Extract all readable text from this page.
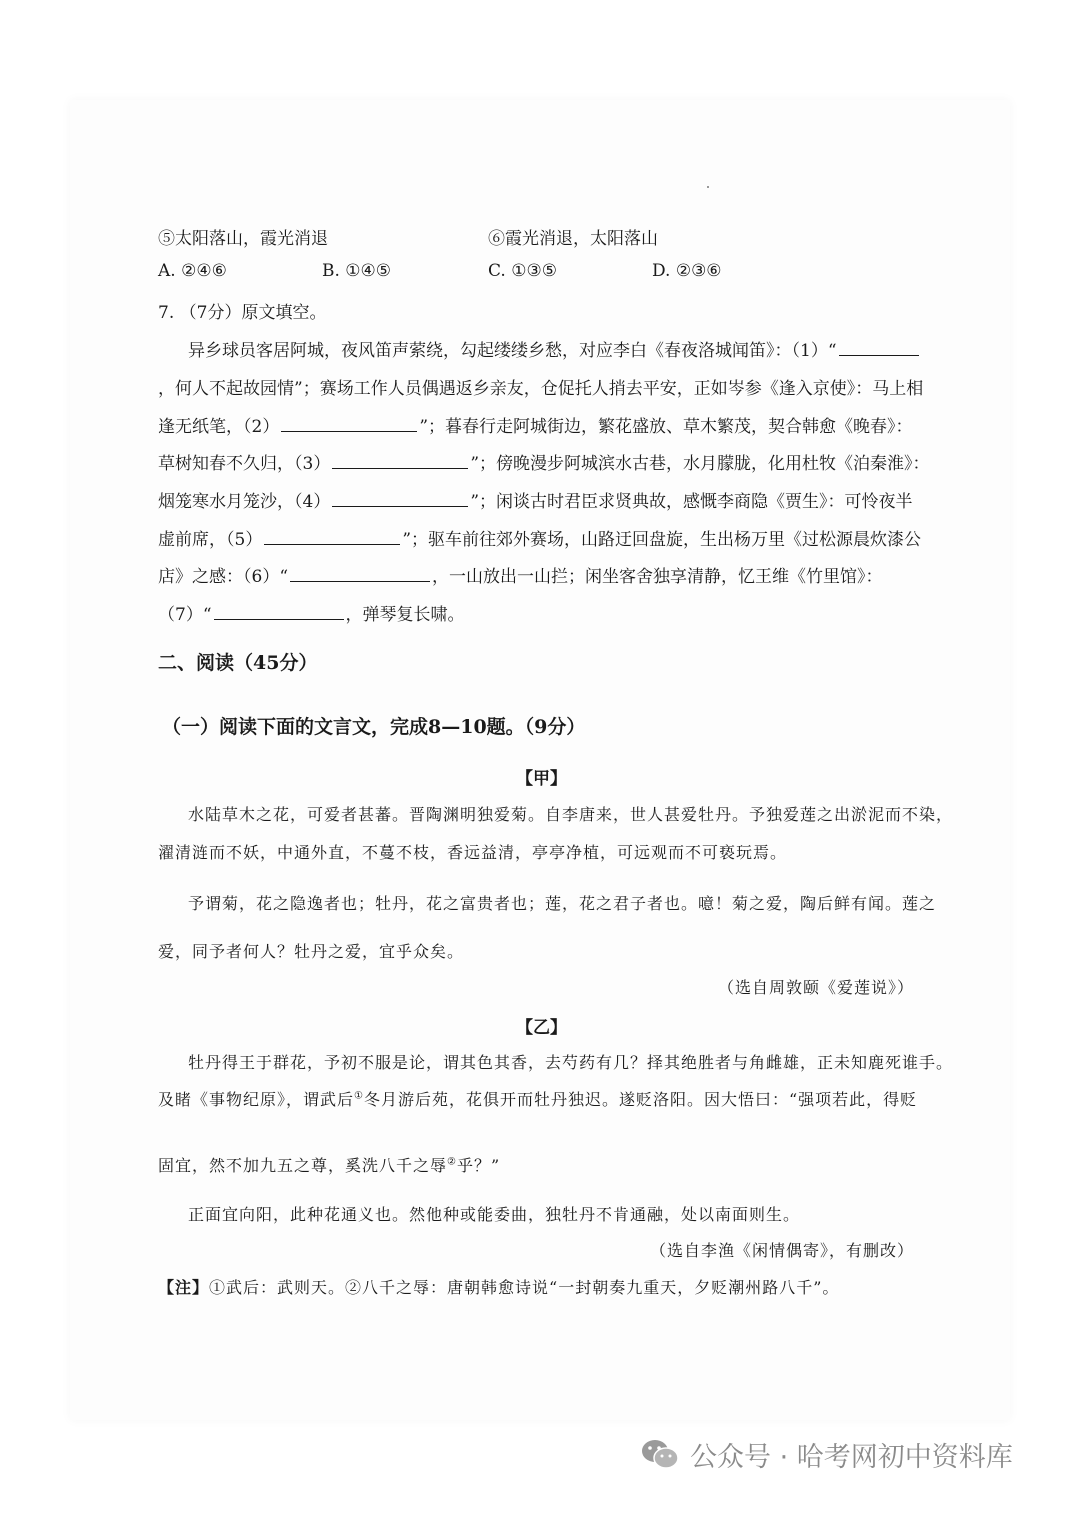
⑤太阳落山，霞光消退	⑥霞光消退，太阳落山
A. ②④⑥	B. ①④⑤	C. ①③⑤	D. ②③⑥
7. （7分）原文填空。
异乡球员客居阿城，夜风笛声萦绕，勾起缕缕乡愁，对应李白《春夜洛城闻笛》：（1）“
，何人不起故园情”；赛场工作人员偶遇返乡亲友，仓促托人捎去平安，正如岑参《逢入京使》：马上相
逢无纸笔，（2）	”；暮春行走阿城街边，繁花盛放、草木繁茂，契合韩愈《晚春》：
草树知春不久归，（3）	”；傍晚漫步阿城滨水古巷，水月朦胧，化用杜牧《泊秦淮》：
烟笼寒水月笼沙，（4）	”；闲谈古时君臣求贤典故，感慨李商隐《贾生》：可怜夜半
虚前席，（5）	”；驱车前往郊外赛场，山路迂回盘旋，生出杨万里《过松源晨炊漆公
店》之感：（6）“	，一山放出一山拦；闲坐客舍独享清静，忆王维《竹里馆》：
（7）“	，弹琴复长啸。
二、阅读（45分）
（一）阅读下面的文言文，完成8—10题。（9分）
【甲】
水陆草木之花，可爱者甚蕃。晋陶渊明独爱菊。自李唐来，世人甚爱牡丹。予独爱莲之出淤泥而不染，
濯清涟而不妖，中通外直，不蔓不枝，香远益清，亭亭净植，可远观而不可亵玩焉。
予谓菊，花之隐逸者也；牡丹，花之富贵者也；莲，花之君子者也。噫！菊之爱，陶后鲜有闻。莲之
爱，同予者何人？牡丹之爱，宜乎众矣。
（选自周敦颐《爱莲说》）
【乙】
牡丹得王于群花，予初不服是论，谓其色其香，去芍药有几？择其绝胜者与角雌雄，正未知鹿死谁手。
及睹《事物纪原》，谓武后①冬月游后苑，花俱开而牡丹独迟。遂贬洛阳。因大悟曰：“强项若此，得贬
固宜，然不加九五之尊，奚洗八千之辱②乎？”
正面宜向阳，此种花通义也。然他种或能委曲，独牡丹不肯通融，处以南面则生。
（选自李渔《闲情偶寄》，有删改）
【注】①武后：武则天。②八千之辱：唐朝韩愈诗说“一封朝奏九重天，夕贬潮州路八千”。
公众号 · 哈考网初中资料库
